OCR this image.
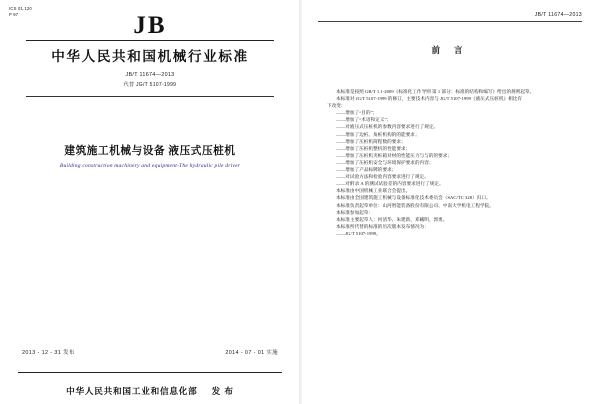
ICS 01.120
P 97	JB
中华人民共和国机械行业标准
JB/T 11674—2013
代替 JG/T 5107-1999
建筑施工机械与设备 液压式压桩机
Building construction machinery and equipment-The hydraulic pile driver
2013 - 12 - 31 发布	2014 - 07 - 01 实施
中华人民共和国工业和信息化部 发 布
JB/T 11674—2013
前 言

本标准是按照 GB/T 1.1-2009《标准化工作导则 第 1 部分：标准的结构和编写》给出的规则起草。

本标准对 JG/T 5107-1999 的修订，主要技术内容与 JG/T 5107-1999《液压式压桩机》相比有

下改变：

——增加了“目的”；

——增加了“术语和定义”；

——对液压式压桩机的参数内容要求进行了规定。

——增加了边桩、角桩机构的的能要求；

——增加了压桩机简程数的要求；

——增加了压桩机整机的性能要求；

——增加了压桩机夹桩箱对材的性能压力与与的的要求；

——增加了压桩机安全与环境保护要求的内容；

——增加了产品标牌的要求；

——对试验方法和检验内容要求进行了规定。

——对附录 A 的测试试验差的内容要求进行了规定。

本标准由中国机械工业联合会提出。

本标准由全国建筑施工机械与设备标准化技术委员会（SAC/TC 328）归口。

本标准负责起草单位：山河智能装备股份有限公司、中南大学机电工程学院。

本标准参加起草：

本标准主要起草人：何清华、朱建新、邓曦明、郭勇。

本标准所代替的标准的历次版本发布情况为：

——JG/T 5107-1999。
